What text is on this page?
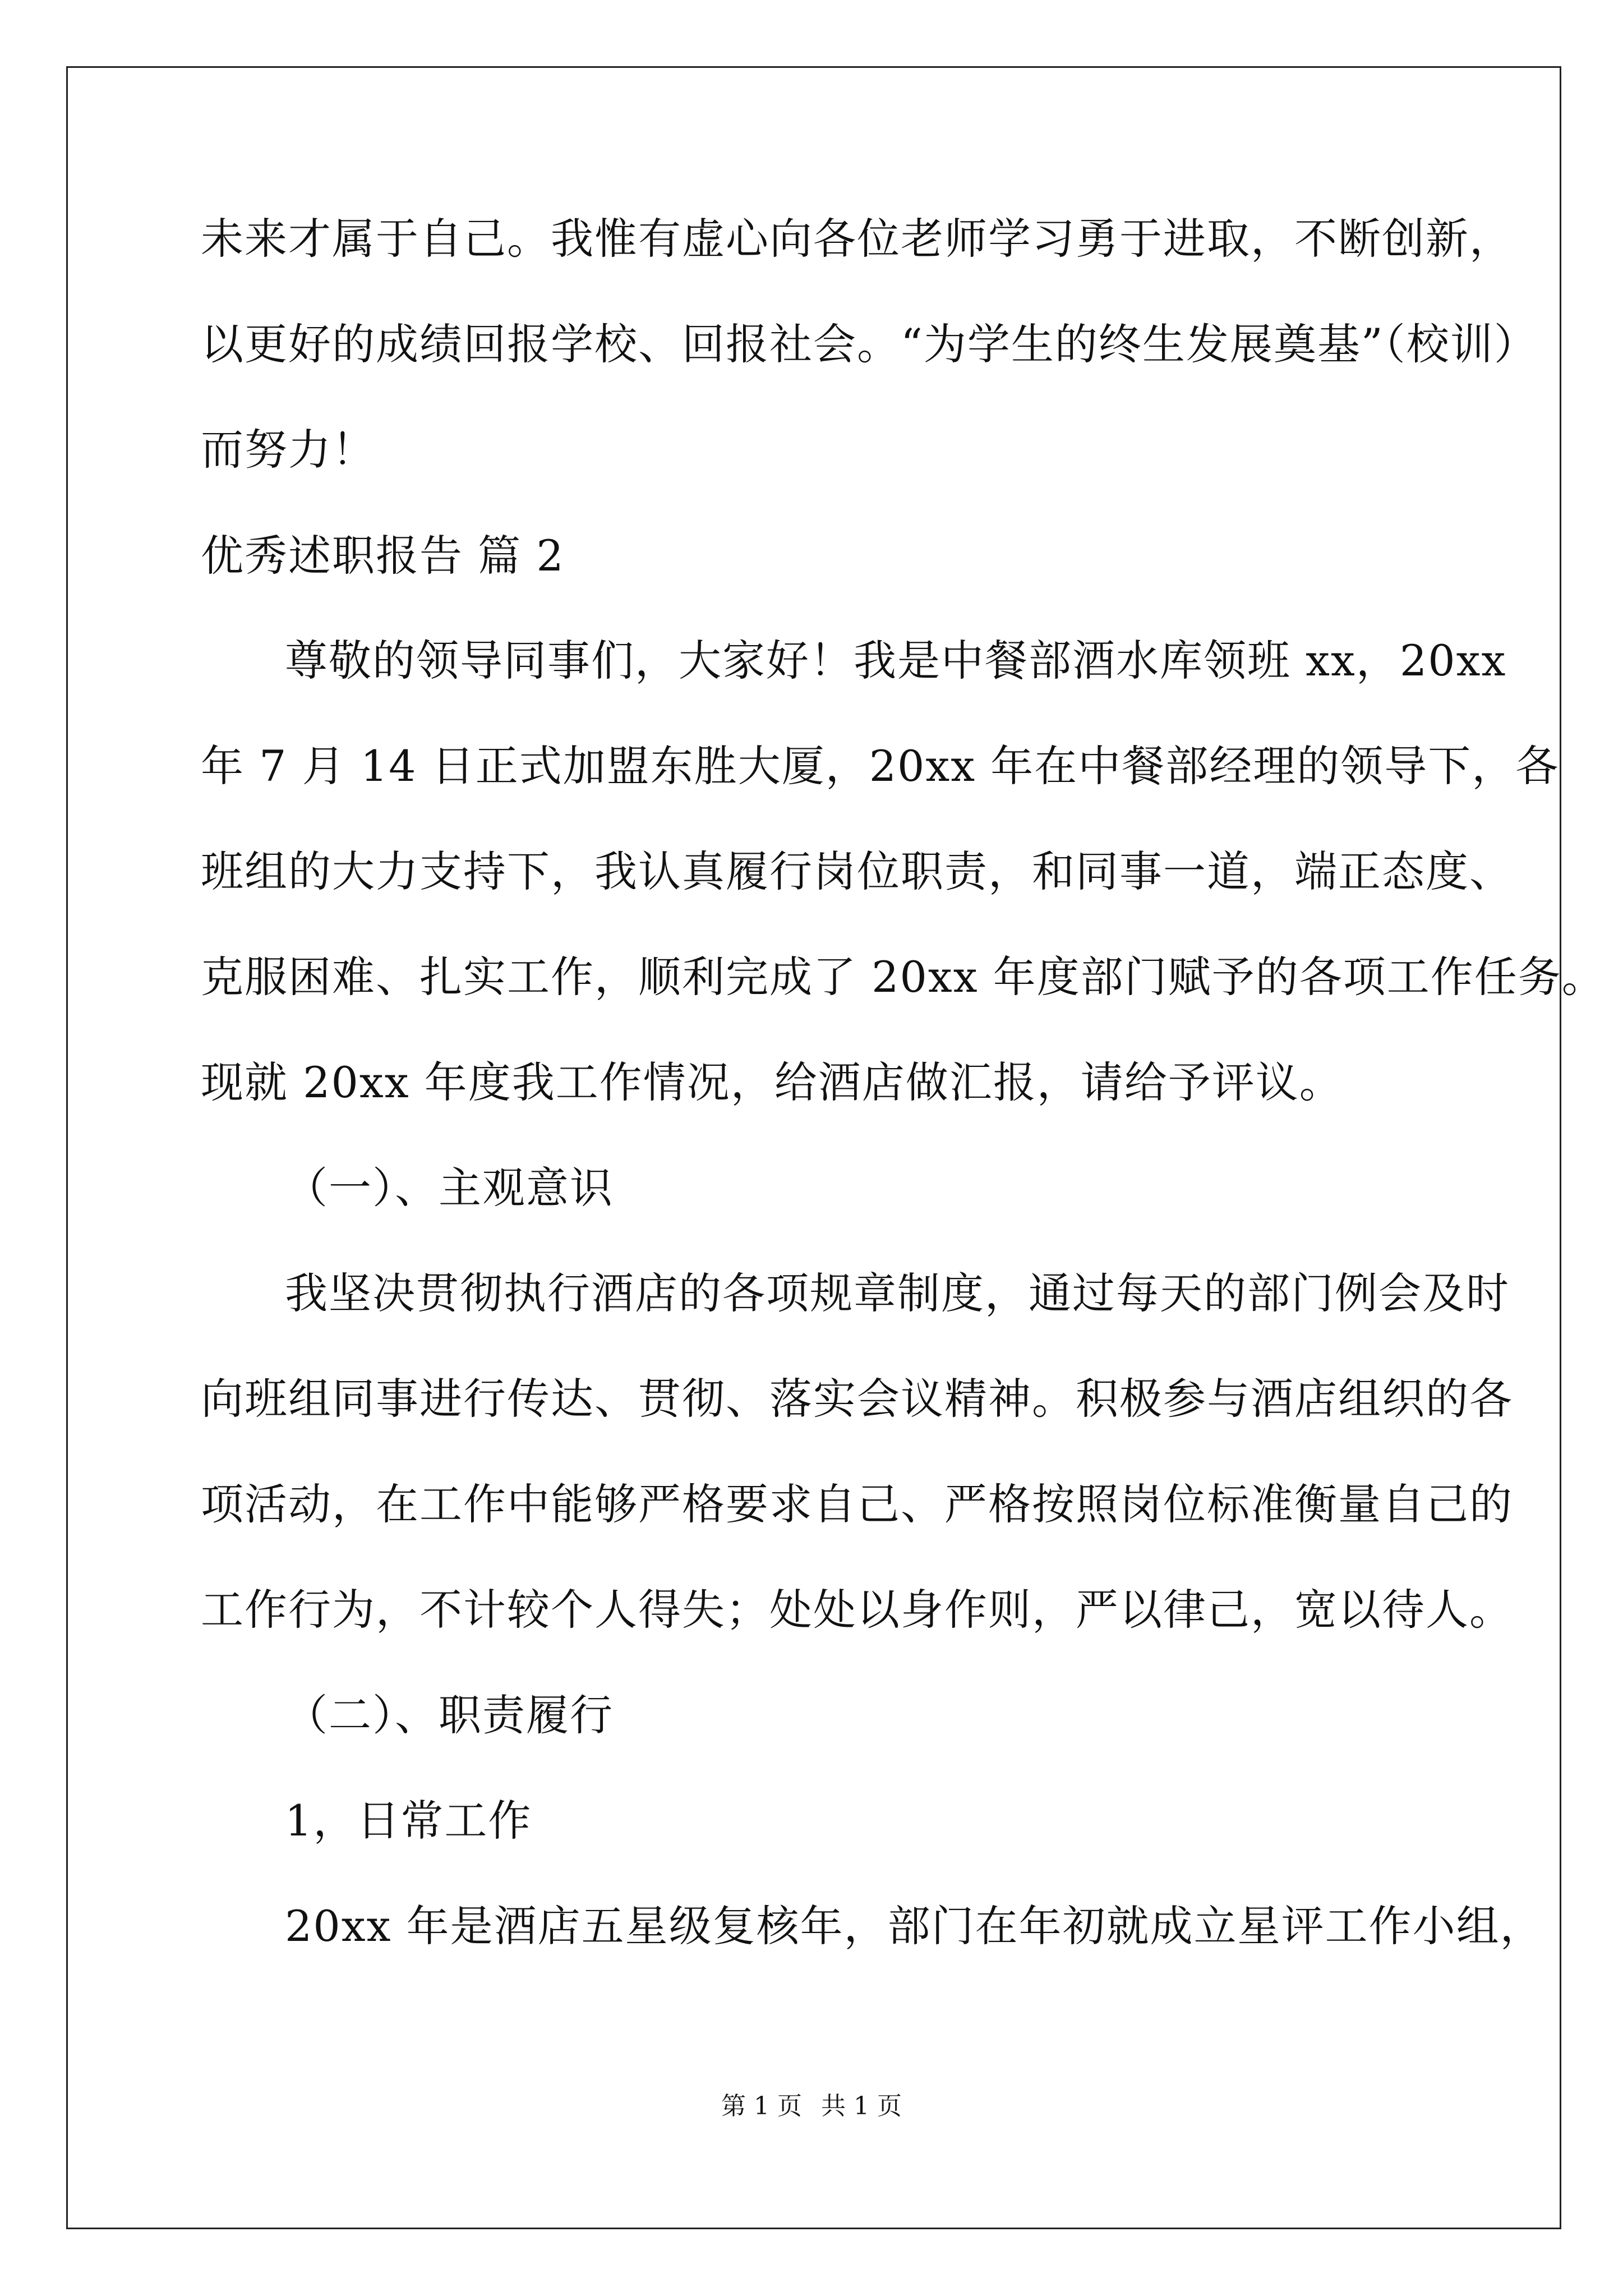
未来才属于自己。我惟有虚心向各位老师学习勇于进取，不断创新，
以更好的成绩回报学校、回报社会。“为学生的终生发展奠基”（校训）
而努力！
优秀述职报告 篇 2
尊敬的领导同事们，大家好！我是中餐部酒水库领班 xx，20xx
年 7 月 14 日正式加盟东胜大厦，20xx 年在中餐部经理的领导下，各
班组的大力支持下，我认真履行岗位职责，和同事一道，端正态度、
克服困难、扎实工作，顺利完成了 20xx 年度部门赋予的各项工作任务。
现就 20xx 年度我工作情况，给酒店做汇报，请给予评议。
（一）、主观意识
我坚决贯彻执行酒店的各项规章制度，通过每天的部门例会及时
向班组同事进行传达、贯彻、落实会议精神。积极参与酒店组织的各
项活动，在工作中能够严格要求自己、严格按照岗位标准衡量自己的
工作行为，不计较个人得失；处处以身作则，严以律己，宽以待人。
（二）、职责履行
1，日常工作
20xx 年是酒店五星级复核年，部门在年初就成立星评工作小组，
第 1 页 共 1 页
